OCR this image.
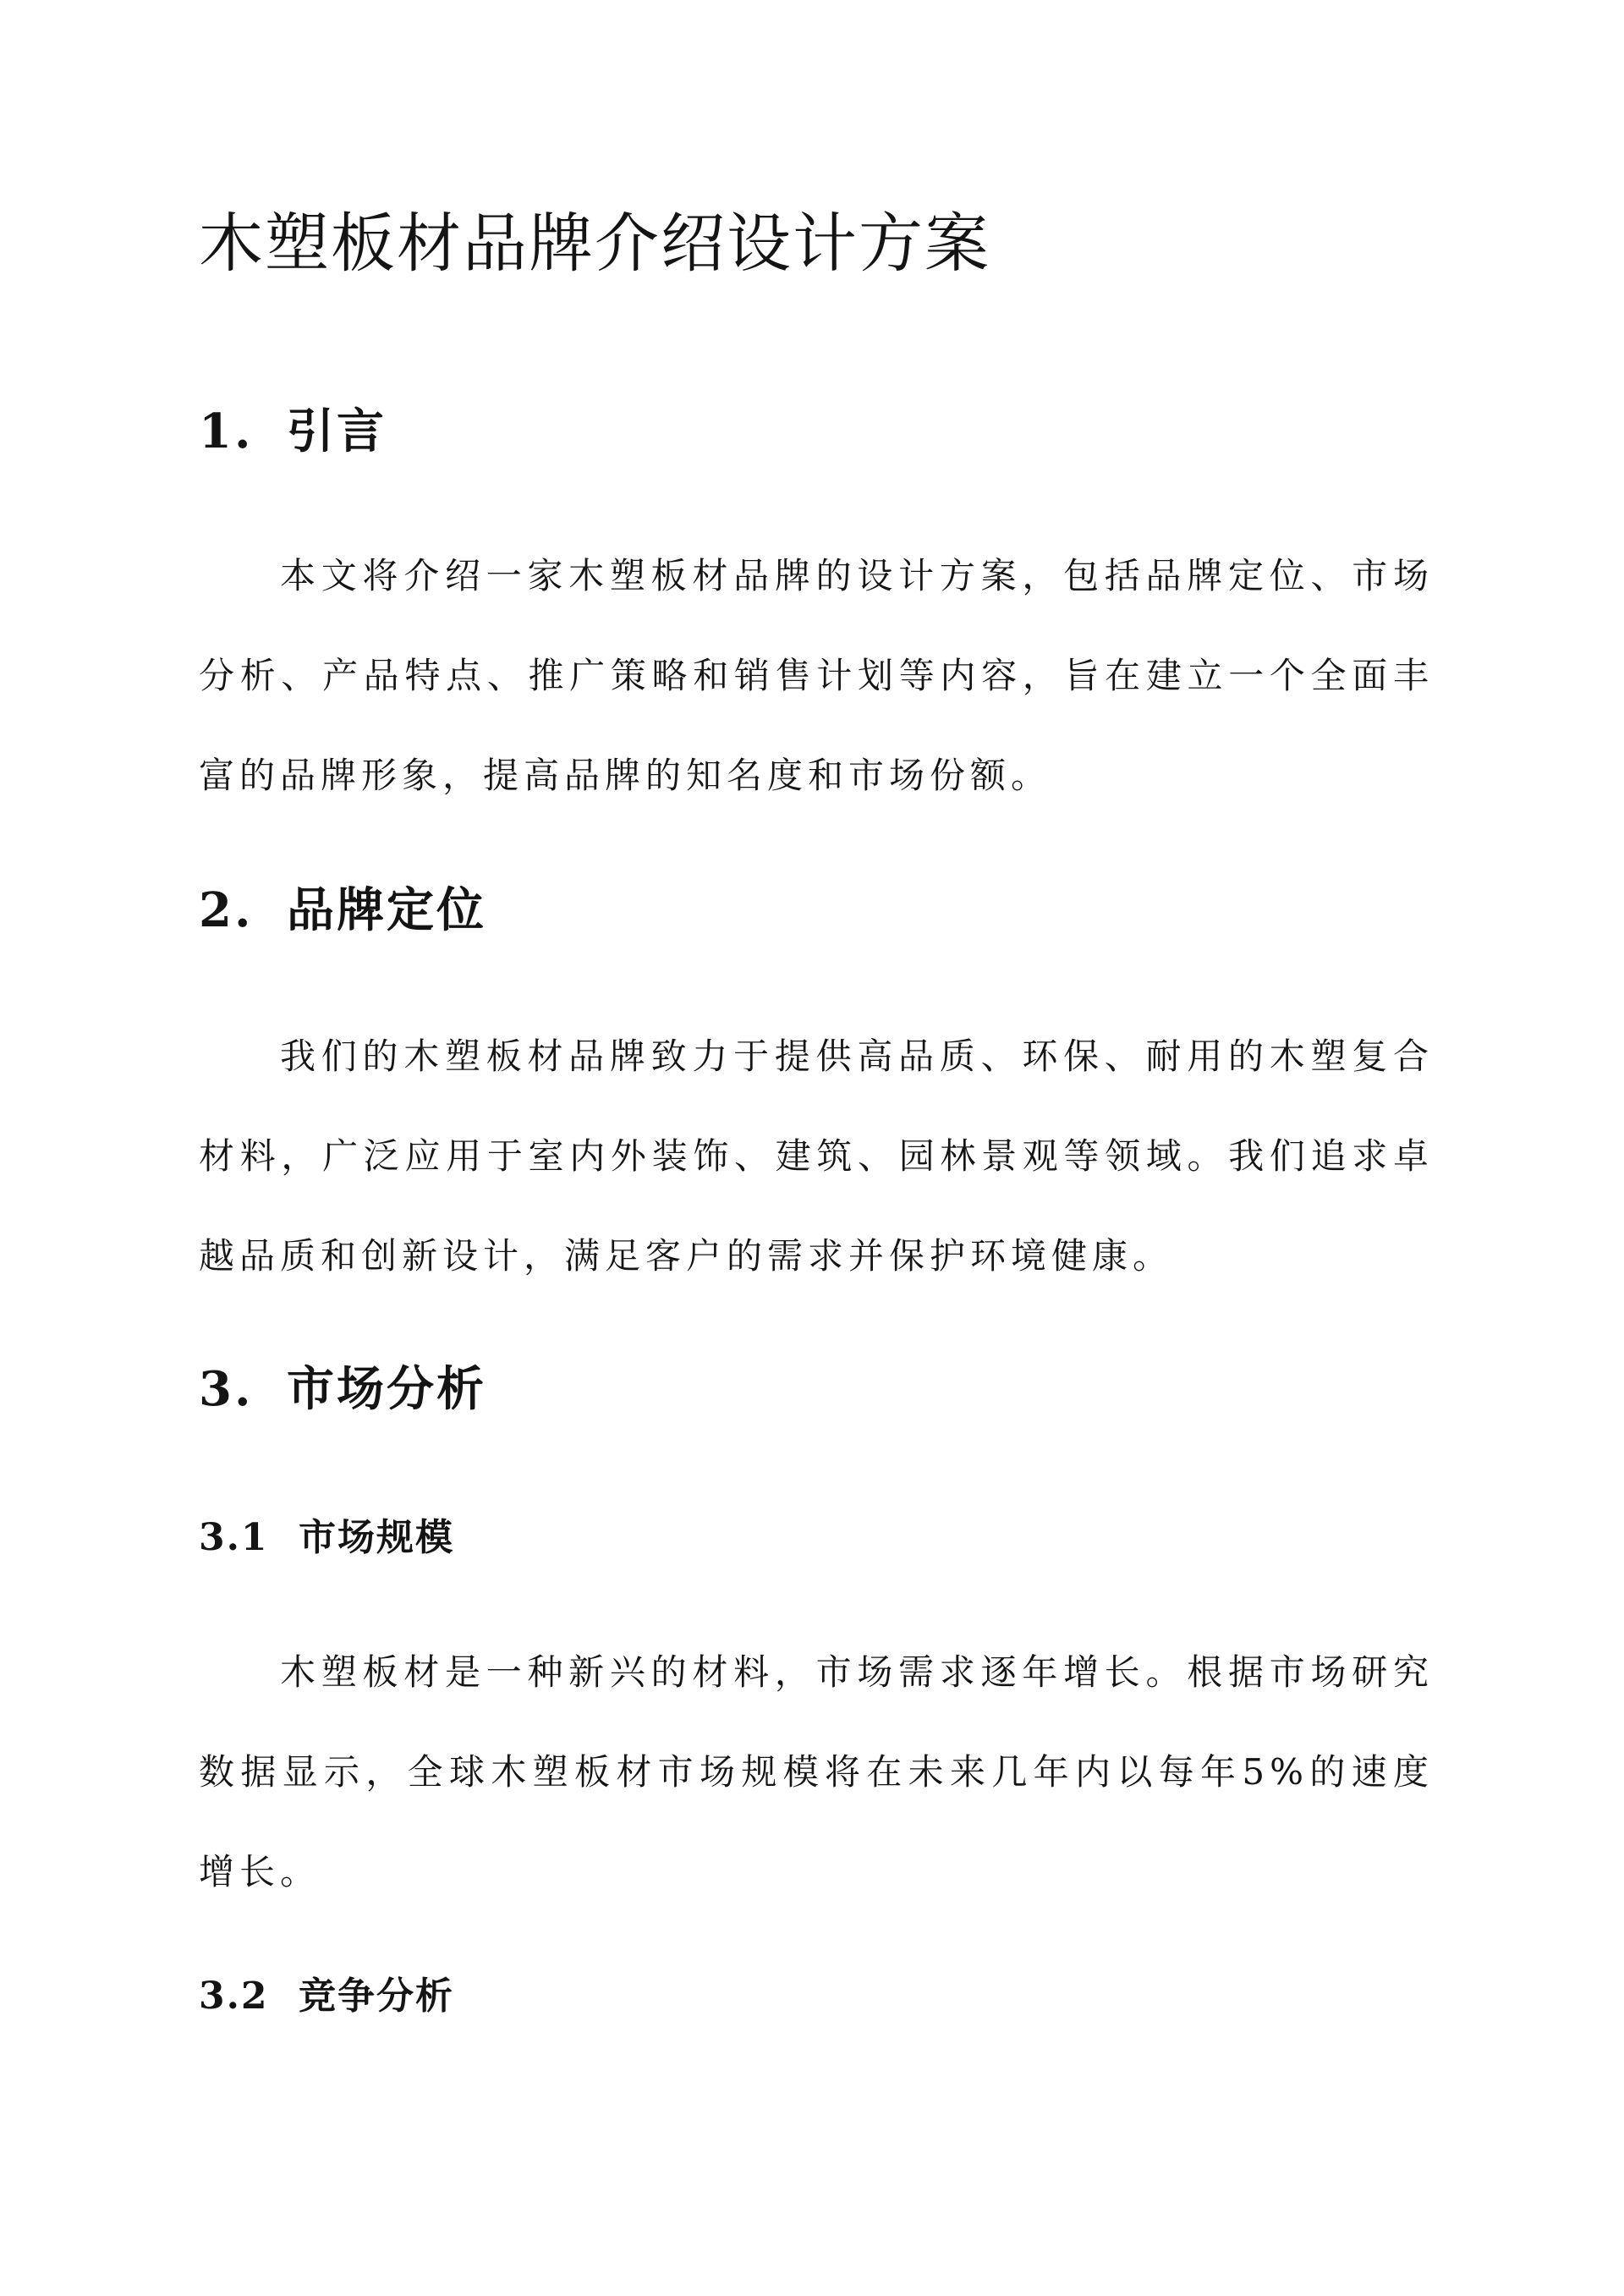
木塑板材品牌介绍设计方案
1. 引言

本文将介绍一家木塑板材品牌的设计方案，包括品牌定位、市场分析、产品特点、推广策略和销售计划等内容，旨在建立一个全面丰富的品牌形象，提高品牌的知名度和市场份额。

2. 品牌定位

我们的木塑板材品牌致力于提供高品质、环保、耐用的木塑复合材料，广泛应用于室内外装饰、建筑、园林景观等领域。我们追求卓越品质和创新设计，满足客户的需求并保护环境健康。

3. 市场分析
3.1 市场规模

木塑板材是一种新兴的材料，市场需求逐年增长。根据市场研究数据显示，全球木塑板材市场规模将在未来几年内以每年5%的速度增长。

3.2 竞争分析
